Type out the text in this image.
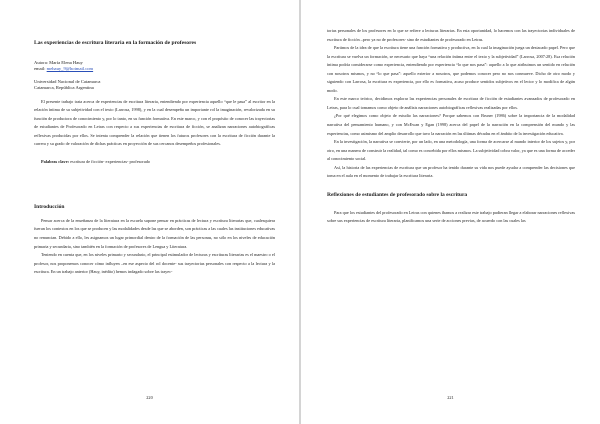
Las experiencias de escritura literaria en la formación de profesores
Autora: María Elena Hauy
email: mehauy_9@hotmail.com
Universidad Nacional de Catamarca
Catamarca, República Argentina

El presente trabajo trata acerca de experiencias de escritura literaria, entendiendo por experiencia aquello “que le pasa” al escritor en la relación íntima de su subjetividad con el texto (Larrosa, 1998), y en la cual desempeña un importante rol la imaginación, revalorizada en su función de productora de conocimiento y, por lo tanto, en su función formativa. En este marco, y con el propósito de conocer las trayectorias de estudiantes de Profesorado en Letras con respecto a sus experiencias de escritura de ficción, se analizan narraciones autobiográficas reflexivas producidas por ellos. Se intenta comprender la relación que tienen los futuros profesores con la escritura de ficción durante la carrera y su grado de valoración de dichas prácticas en proyección de sus cercanos desempeños profesionales.

Palabras clave: escritura de ficción- experiencias- profesorado
Introducción

Pensar acerca de la enseñanza de la literatura en la escuela supone pensar en prácticas de lectura y escritura literarias que, cualesquiera fueran los contextos en los que se producen y las modalidades desde las que se aborden, son prácticas a las cuales las instituciones educativas no renuncian. Debido a ello, les asignamos un lugar primordial dentro de la formación de las personas, no sólo en los niveles de educación primaria y secundaria, sino también en la formación de profesores de Lengua y Literatura.

Teniendo en cuenta que, en los niveles primario y secundario, el principal estimulador de lecturas y escrituras literarias es el maestro o el profesor, nos proponemos conocer cómo influyen –en ese aspecto del rol docente- sus trayectorias personales con respecto a la lectura y la escritura. En un trabajo anterior (Hauy, inédito) hemos indagado sobre las trayec-

220

torias personales de los profesores en lo que se refiere a lecturas literarias. En esta oportunidad, lo hacemos con las trayectorias individuales de escritura de ficción –pero ya no de profesores- sino de estudiantes de profesorado en Letras.

Partimos de la idea de que la escritura tiene una función formativa y productiva, en la cual la imaginación juega un destacado papel. Pero que la escritura se vuelva un formación, se necesario que haya “una relación íntima entre el texto y la subjetividad” (Larrosa, 2007:28). Esa relación íntima podría considerarse como experiencia, entendiendo por experiencia “lo que nos pasa”: aquello a lo que atribuimos un sentido en relación con nosotros mismos, y no “lo que pasa”: aquello exterior a nosotros, que podemos conocer pero no nos conmueve. Dicho de otro modo y siguiendo con Larrosa, la escritura es experiencia, por ello es formativa, acaso produce sentidos subjetivos en el lector y lo modifica de algún modo.

En este marco teórico, decidimos explorar las experiencias personales de escritura de ficción de estudiantes avanzados de profesorado en Letras, para lo cual tomamos como objeto de análisis narraciones autobiográficas reflexivas realizadas por ellos.

¿Por qué elegimos como objeto de estudio las narraciones? Porque sabemos con Bruner (1986) sobre la importancia de la modalidad narrativa del pensamiento humano, y con McEwan y Egan (1998) acerca del papel de la narración en la comprensión del mundo y las experiencias, como asimismo del amplio desarrollo que tuvo la narración en las últimas décadas en el ámbito de la investigación educativa.

En la investigación, la narrativa se convierte, por un lado, en una metodología, una forma de acercarse al mundo interior de los sujetos y, por otro, en una manera de construir la realidad, tal como es concebida por ellos mismos. La subjetividad cobra valor, ya que es una forma de acceder al conocimiento social.

Así, la historia de las experiencias de escritura que un profesor ha tenido durante su vida nos puede ayudar a comprender las decisiones que toma en el aula en el momento de trabajar la escritura literaria.

Reflexiones de estudiantes de profesorado sobre la escritura

Para que los estudiantes del profesorado en Letras con quienes íbamos a realizar este trabajo pudieran llegar a elaborar narraciones reflexivas sobre sus experiencias de escritura literaria, planificamos una serie de acciones previas, de acuerdo con las cuales las

221
